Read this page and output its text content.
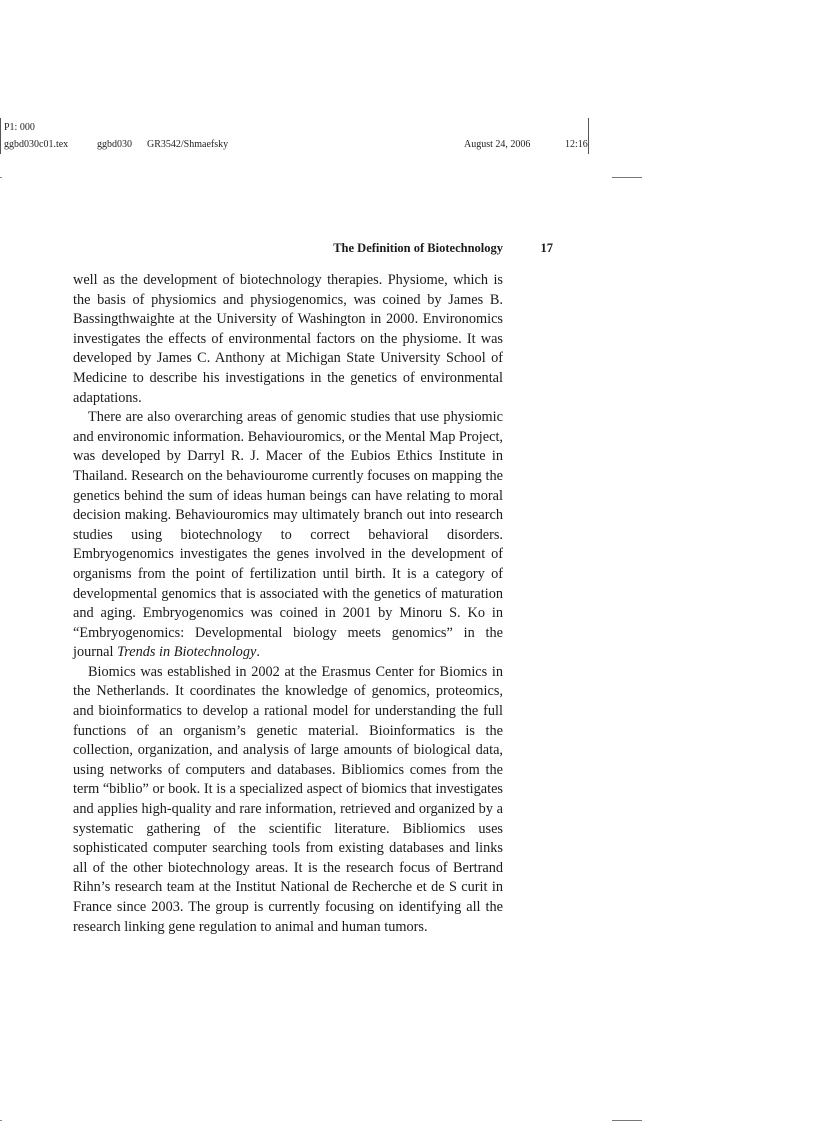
P1: 000
ggbd030c01.tex	ggbd030 GR3542/Shmaefsky	August 24, 2006	12:16
The Definition of Biotechnology	17

well as the development of biotechnology therapies. Physiome, which is the basis of physiomics and physiogenomics, was coined by James B. Bassingthwaighte at the University of Washington in 2000. Environomics investigates the effects of environmental factors on the physiome. It was developed by James C. Anthony at Michigan State University School of Medicine to describe his investigations in the genetics of environmental adaptations.

There are also overarching areas of genomic studies that use physiomic and environomic information. Behaviouromics, or the Mental Map Project, was developed by Darryl R. J. Macer of the Eubios Ethics Institute in Thailand. Research on the behaviourome currently focuses on mapping the genetics behind the sum of ideas human beings can have relating to moral decision making. Behaviouromics may ultimately branch out into research studies using biotechnology to correct behavioral disorders. Embryogenomics investigates the genes involved in the development of organisms from the point of fertilization until birth. It is a category of developmental genomics that is associated with the genetics of maturation and aging. Embryogenomics was coined in 2001 by Minoru S. Ko in “Embryogenomics: Developmental biology meets genomics” in the journal Trends in Biotechnology.

Biomics was established in 2002 at the Erasmus Center for Biomics in the Netherlands. It coordinates the knowledge of genomics, proteomics, and bioinformatics to develop a rational model for understanding the full functions of an organism’s genetic material. Bioinformatics is the collection, organization, and analysis of large amounts of biological data, using networks of computers and databases. Bibliomics comes from the term “biblio” or book. It is a specialized aspect of biomics that investigates and applies high-quality and rare information, retrieved and organized by a systematic gathering of the scientific literature. Bibliomics uses sophisticated computer searching tools from existing databases and links all of the other biotechnology areas. It is the research focus of Bertrand Rihn’s research team at the Institut National de Recherche et de S curit in France since 2003. The group is currently focusing on identifying all the research linking gene regulation to animal and human tumors.
